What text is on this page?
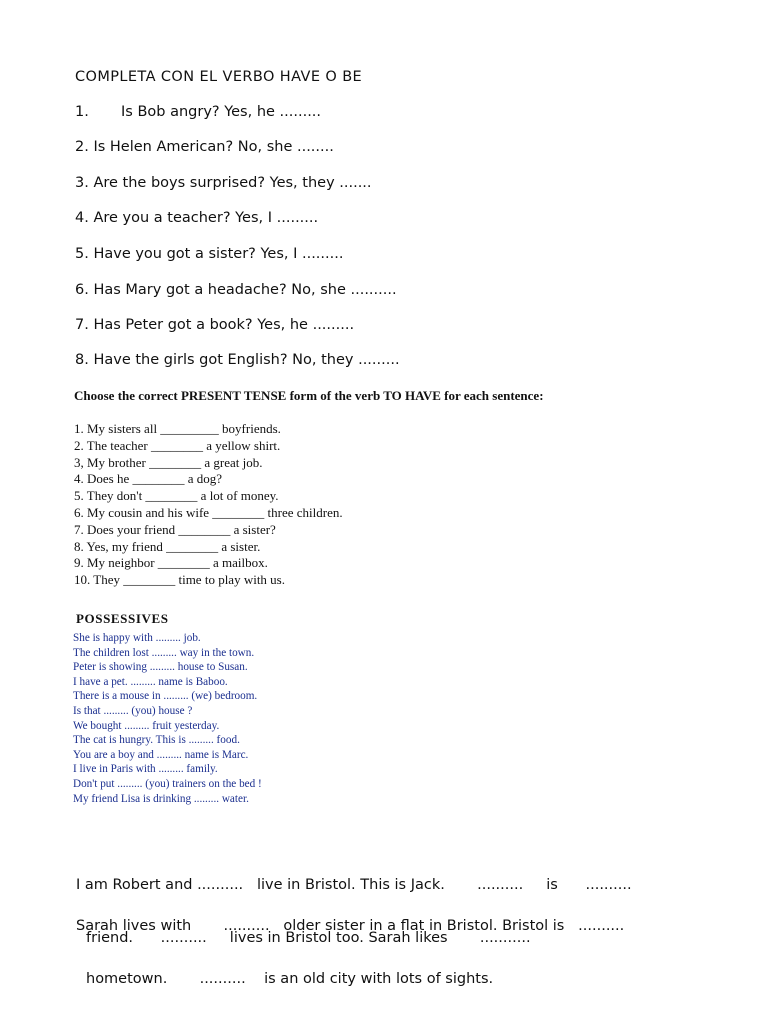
COMPLETA CON EL VERBO HAVE O BE
1. Is Bob angry? Yes, he .........
2. Is Helen American? No, she ........
3. Are the boys surprised? Yes, they .......
4. Are you a teacher? Yes, I .........
5. Have you got a sister? Yes, I .........
6. Has Mary got a headache? No, she ..........
7. Has Peter got a book? Yes, he .........
8. Have the girls got English? No, they .........
Choose the correct PRESENT TENSE form of the verb TO HAVE for each sentence:
1. My sisters all _________ boyfriends.
2. The teacher ________ a yellow shirt.
3, My brother ________ a great job.
4. Does he ________ a dog?
5. They don't ________ a lot of money.
6. My cousin and his wife ________ three children.
7. Does your friend ________ a sister?
8. Yes, my friend ________ a sister.
9. My neighbor ________ a mailbox.
10. They ________ time to play with us.
POSSESSIVES
She is happy with ......... job.
The children lost ......... way in the town.
Peter is showing ......... house to Susan.
I have a pet. ......... name is Baboo.
There is a mouse in ......... (we) bedroom.
Is that ......... (you) house ?
We bought ......... fruit yesterday.
The cat is hungry. This is ......... food.
You are a boy and ......... name is Marc.
I live in Paris with ......... family.
Don't put ......... (you) trainers on the bed !
My friend Lisa is drinking ......... water.

I am Robert and ..........   live in Bristol. This is Jack.       ..........     is      ..........

friend.      ..........     lives in Bristol too. Sarah likes       ...........

Sarah lives with       ..........   older sister in a flat in Bristol. Bristol is   ..........

hometown.       ..........    is an old city with lots of sights.
